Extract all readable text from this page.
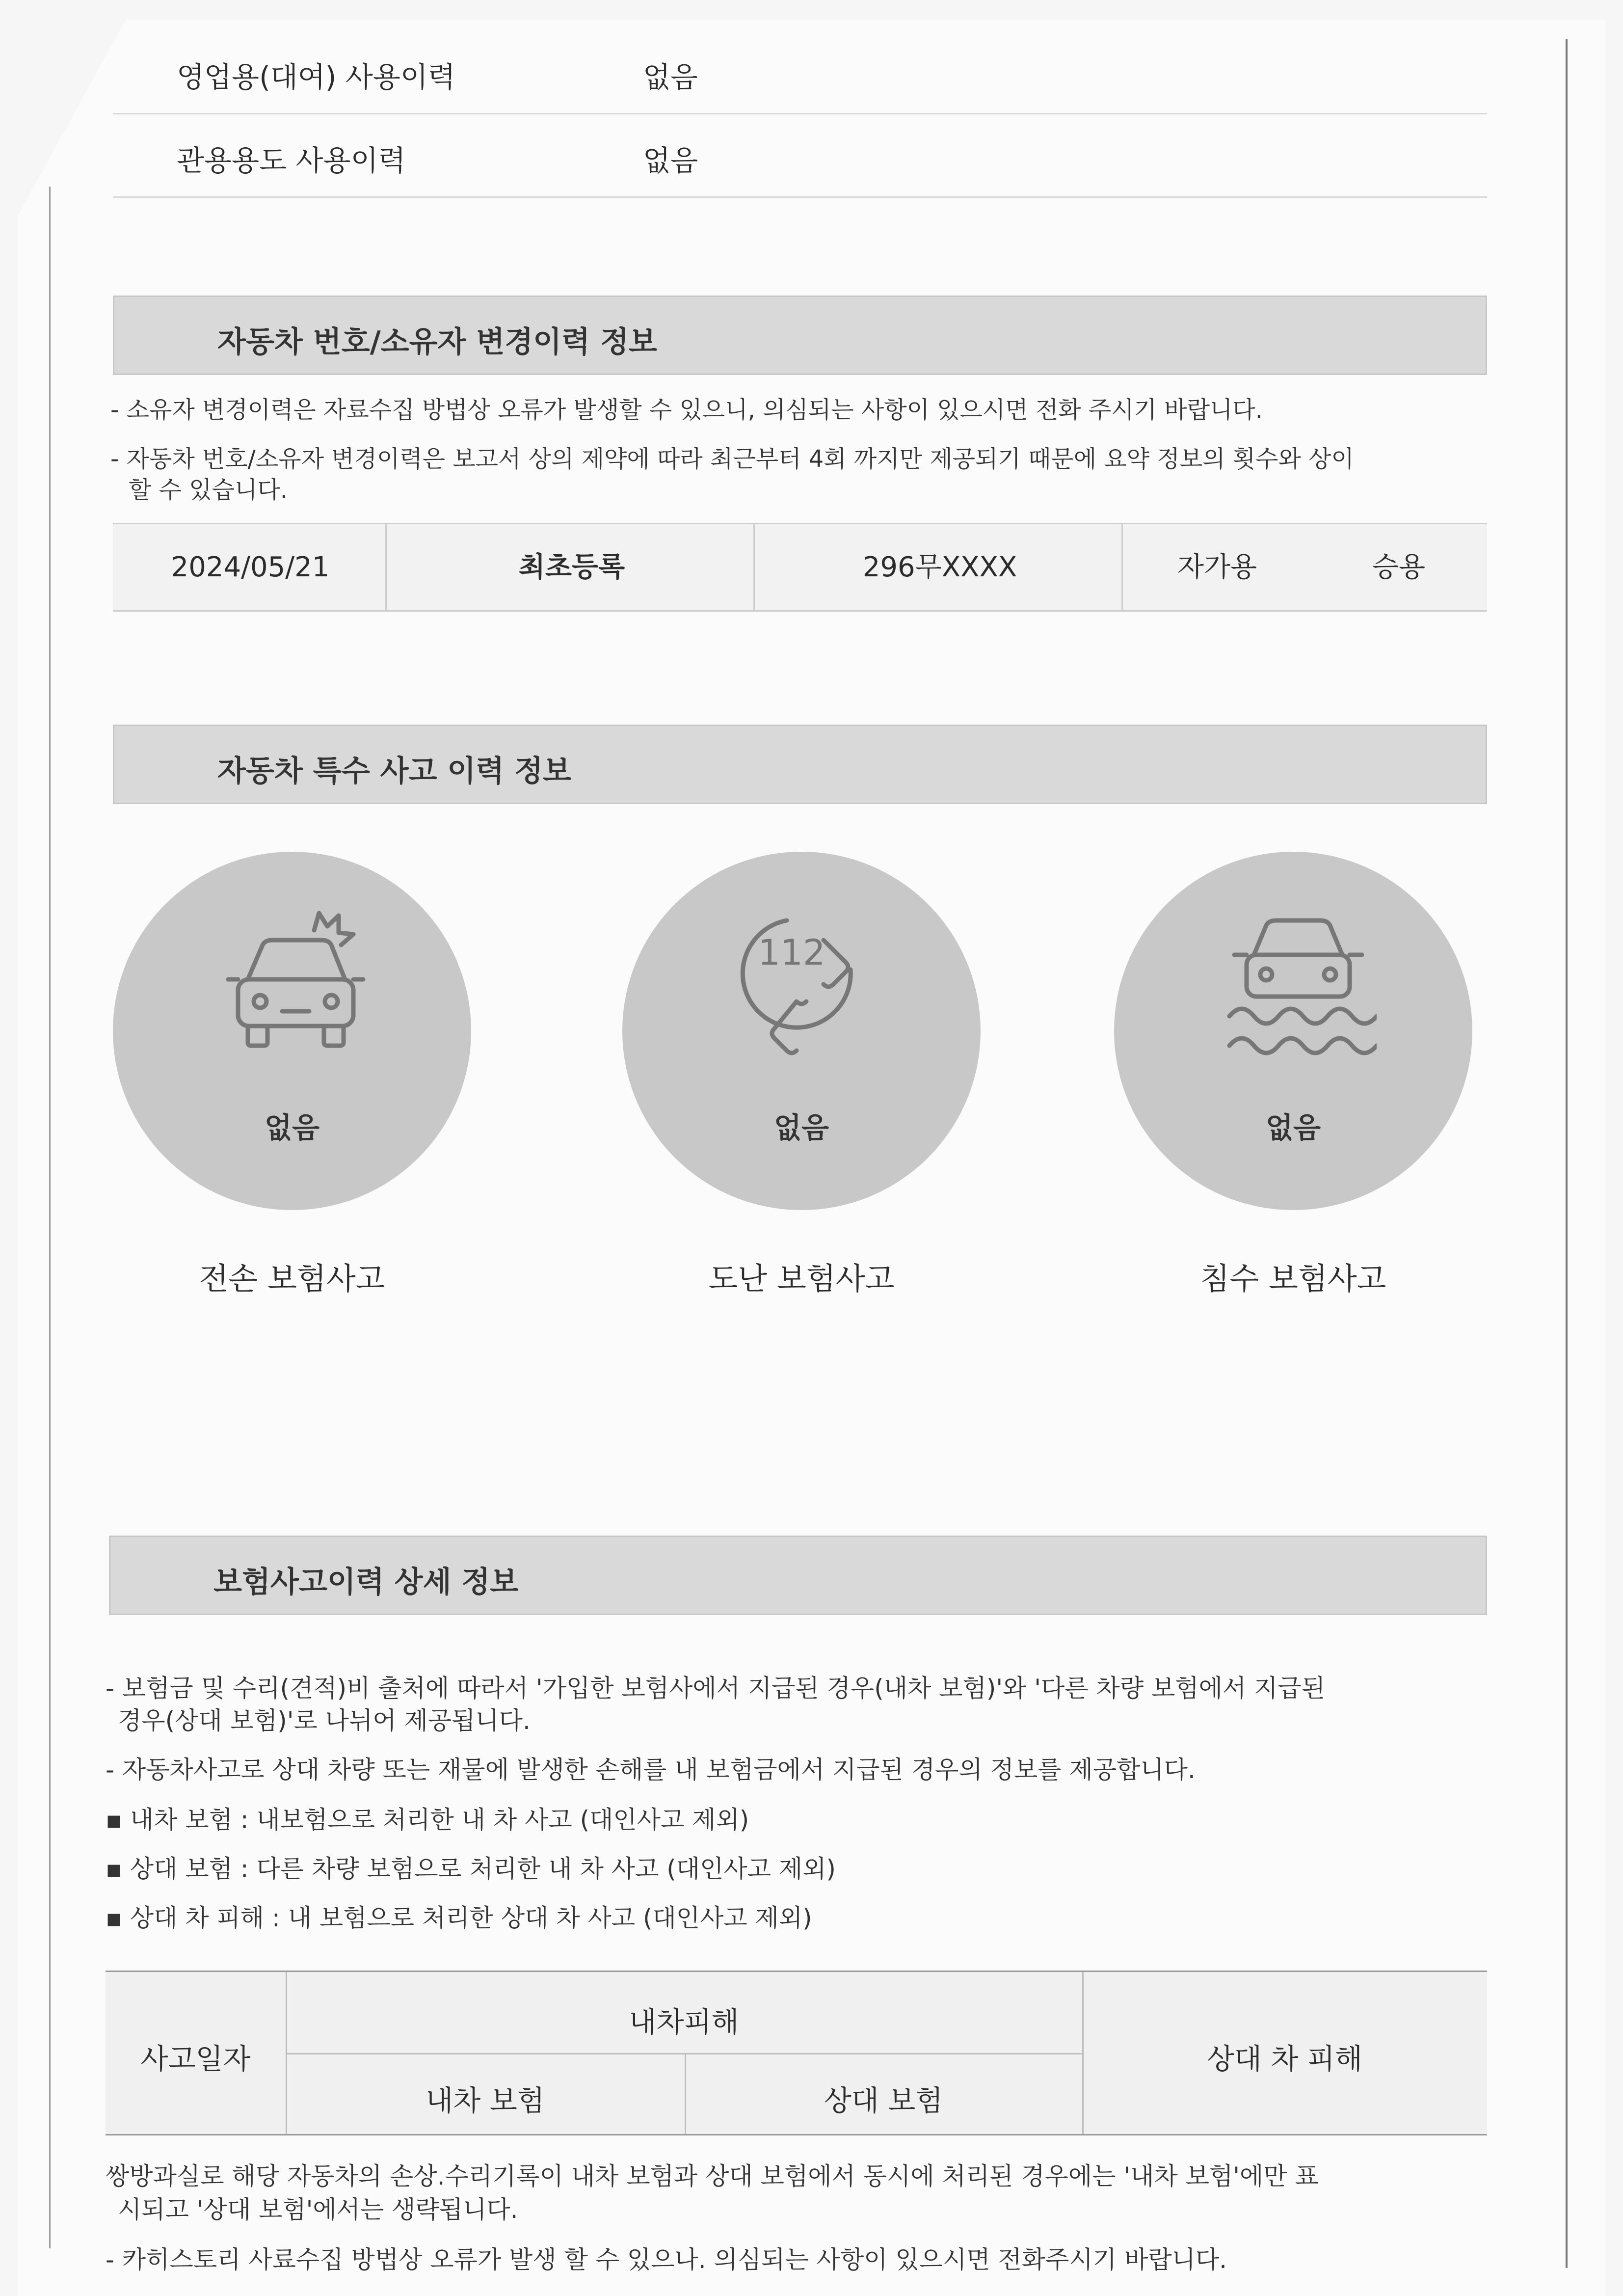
영업용(대여) 사용이력	없음
관용용도 사용이력	없음
자동차 번호/소유자 변경이력 정보
- 소유자 변경이력은 자료수집 방법상 오류가 발생할 수 있으니, 의심되는 사항이 있으시면 전화 주시기 바랍니다.
- 자동차 번호/소유자 변경이력은 보고서 상의 제약에 따라 최근부터 4회 까지만 제공되기 때문에 요약 정보의 횟수와 상이
할 수 있습니다.
2024/05/21	최초등록	296무XXXX	자가용	승용
자동차 특수 사고 이력 정보
없음
전손 보험사고
112
없음
도난 보험사고
없음
침수 보험사고
보험사고이력 상세 정보
- 보험금 및 수리(견적)비 출처에 따라서 '가입한 보험사에서 지급된 경우(내차 보험)'와 '다른 차량 보험에서 지급된
경우(상대 보험)'로 나뉘어 제공됩니다.
- 자동차사고로 상대 차량 또는 재물에 발생한 손해를 내 보험금에서 지급된 경우의 정보를 제공합니다.
▪ 내차 보험 : 내보험으로 처리한 내 차 사고 (대인사고 제외)
▪ 상대 보험 : 다른 차량 보험으로 처리한 내 차 사고 (대인사고 제외)
▪ 상대 차 피해 : 내 보험으로 처리한 상대 차 사고 (대인사고 제외)
사고일자
내차피해
내차 보험	상대 보험
상대 차 피해
쌍방과실로 해당 자동차의 손상.수리기록이 내차 보험과 상대 보험에서 동시에 처리된 경우에는 '내차 보험'에만 표
시되고 '상대 보험'에서는 생략됩니다.
- 카히스토리 사료수집 방법상 오류가 발생 할 수 있으나. 의심되는 사항이 있으시면 전화주시기 바랍니다.
